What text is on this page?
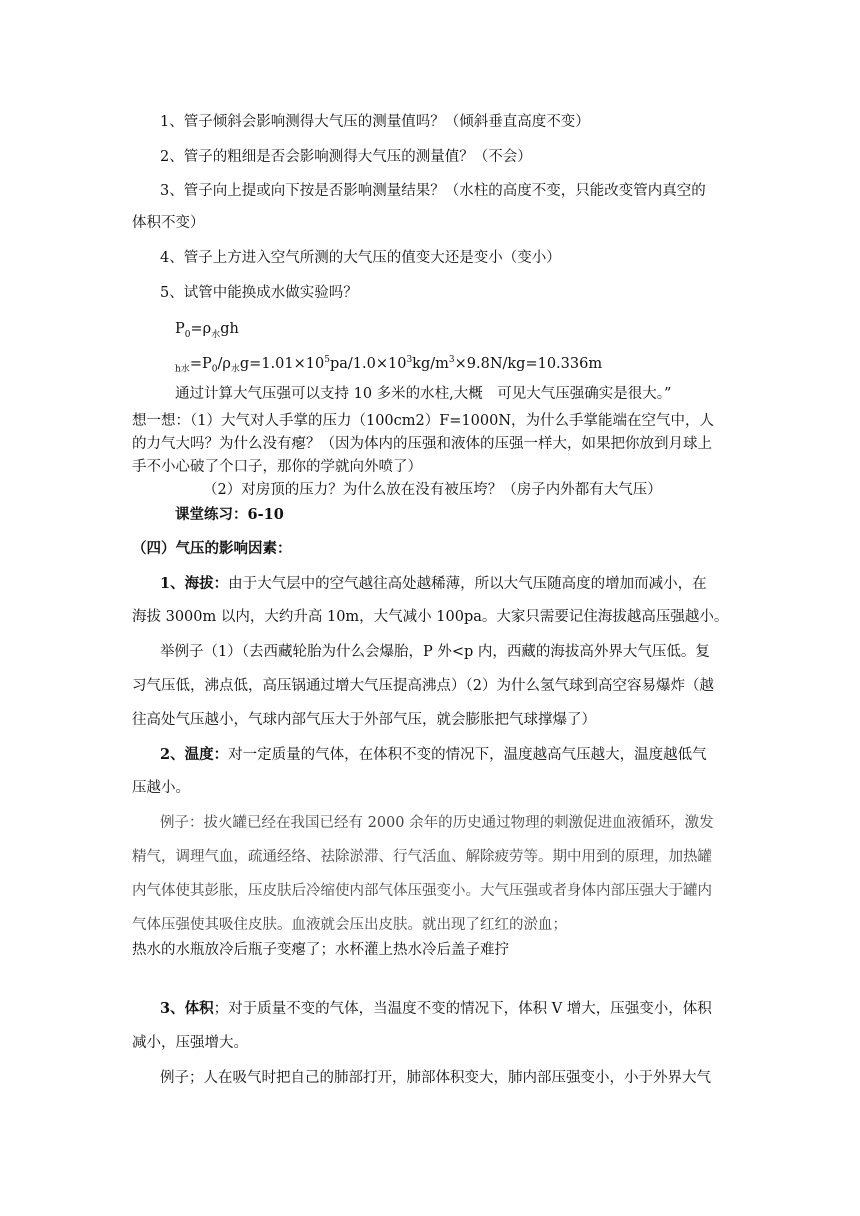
1、管子倾斜会影响测得大气压的测量值吗？（倾斜垂直高度不变）
2、管子的粗细是否会影响测得大气压的测量值？（不会）
3、管子向上提或向下按是否影响测量结果？（水柱的高度不变，只能改变管内真空的
体积不变）
4、管子上方进入空气所测的大气压的值变大还是变小（变小）
5、试管中能换成水做实验吗？
$P_0=\rho_水gh$
$_{h水}=P_0/\rho_水g=1.01\times 10^5pa/1.0\times 10^3kg/m^3\times 9.8N/kg=10.336m$
通过计算大气压强可以支持 10 多米的水柱,大概　可见大气压强确实是很大。”
想一想：（1）大气对人手掌的压力（100cm2）F=1000N，为什么手掌能端在空气中，人
的力气大吗？为什么没有瘪？（因为体内的压强和液体的压强一样大，如果把你放到月球上
手不小心破了个口子，那你的学就向外喷了）
（2）对房顶的压力？为什么放在没有被压垮？（房子内外都有大气压）
课堂练习：6-10
（四）气压的影响因素：
1、海拔：由于大气层中的空气越往高处越稀薄，所以大气压随高度的增加而减小，在
海拔 3000m 以内，大约升高 10m，大气减小 100pa。大家只需要记住海拔越高压强越小。
举例子（1）（去西藏轮胎为什么会爆胎，P 外<p 内，西藏的海拔高外界大气压低。复
习气压低，沸点低，高压锅通过增大气压提高沸点）（2）为什么氢气球到高空容易爆炸（越
往高处气压越小，气球内部气压大于外部气压，就会膨胀把气球撑爆了）
2、温度：对一定质量的气体，在体积不变的情况下，温度越高气压越大，温度越低气
压越小。
例子：拔火罐已经在我国已经有 2000 余年的历史通过物理的刺激促进血液循环，激发
精气，调理气血，疏通经络、祛除淤滞、行气活血、解除疲劳等。期中用到的原理，加热罐
内气体使其彭胀，压皮肤后冷缩使内部气体压强变小。大气压强或者身体内部压强大于罐内
气体压强使其吸住皮肤。血液就会压出皮肤。就出现了红红的淤血；
热水的水瓶放冷后瓶子变瘪了；水杯灌上热水冷后盖子难拧
3、体积；对于质量不变的气体，当温度不变的情况下，体积 V 增大，压强变小，体积
减小，压强增大。
例子；人在吸气时把自己的肺部打开，肺部体积变大，肺内部压强变小，小于外界大气
